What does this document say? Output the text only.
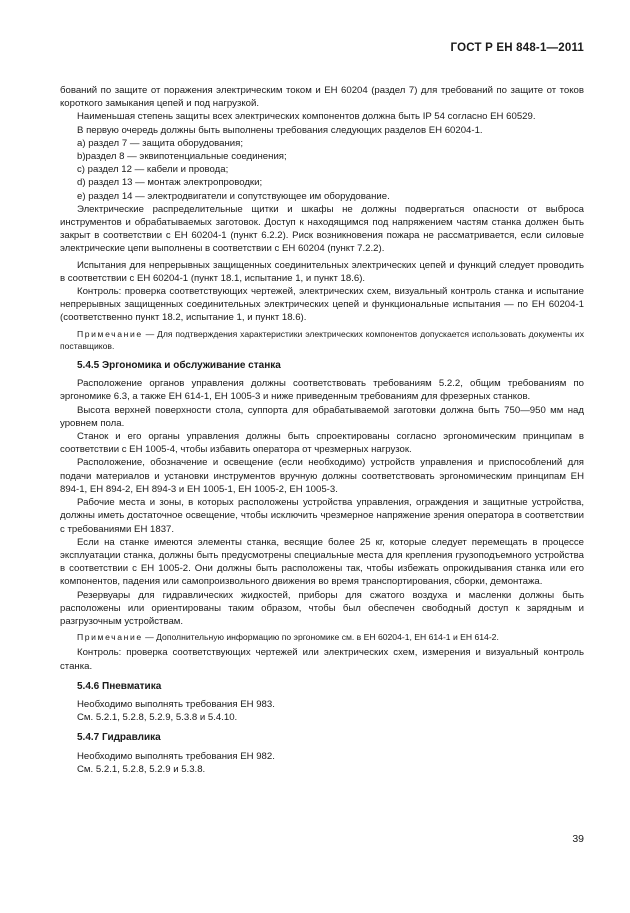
ГОСТ Р ЕН 848-1—2011

бований по защите от поражения электрическим током и ЕН 60204 (раздел 7) для требований по защите от токов короткого замыкания цепей и под нагрузкой.

Наименьшая степень защиты всех электрических компонентов должна быть IP 54 согласно ЕН 60529.

В первую очередь должны быть выполнены требования следующих разделов ЕН 60204-1.

а) раздел 7 — защита оборудования;

b)раздел 8 — эквипотенциальные соединения;

с) раздел 12 — кабели и провода;

d) раздел 13 — монтаж электропроводки;

е) раздел 14 — электродвигатели и сопутствующее им оборудование.

Электрические распределительные щитки и шкафы не должны подвергаться опасности от выброса инструментов и обрабатываемых заготовок. Доступ к находящимся под напряжением частям станка должен быть закрыт в соответствии с ЕН 60204-1 (пункт 6.2.2). Риск возникновения пожара не рассматривается, если силовые электрические цепи выполнены в соответствии с ЕН 60204 (пункт 7.2.2).

Испытания для непрерывных защищенных соединительных электрических цепей и функций следует проводить в соответствии с ЕН 60204-1 (пункт 18.1, испытание 1, и пункт 18.6).

Контроль: проверка соответствующих чертежей, электрических схем, визуальный контроль станка и испытание непрерывных защищенных соединительных электрических цепей и функциональные испытания — по ЕН 60204-1 (соответственно пункт 18.2, испытание 1, и пункт 18.6).

Примечание — Для подтверждения характеристики электрических компонентов допускается использовать документы их поставщиков.

5.4.5 Эргономика и обслуживание станка

Расположение органов управления должны соответствовать требованиям 5.2.2, общим требованиям по эргономике 6.3, а также ЕН 614-1, ЕН 1005-3 и ниже приведенным требованиям для фрезерных станков.

Высота верхней поверхности стола, суппорта для обрабатываемой заготовки должна быть 750—950 мм над уровнем пола.

Станок и его органы управления должны быть спроектированы согласно эргономическим принципам в соответствии с ЕН 1005-4, чтобы избавить оператора от чрезмерных нагрузок.

Расположение, обозначение и освещение (если необходимо) устройств управления и приспособлений для подачи материалов и установки инструментов вручную должны соответствовать эргономическим принципам ЕН 894-1, ЕН 894-2, ЕН 894-3 и ЕН 1005-1, ЕН 1005-2, ЕН 1005-3.

Рабочие места и зоны, в которых расположены устройства управления, ограждения и защитные устройства, должны иметь достаточное освещение, чтобы исключить чрезмерное напряжение зрения оператора в соответствии с требованиями ЕН 1837.

Если на станке имеются элементы станка, весящие более 25 кг, которые следует перемещать в процессе эксплуатации станка, должны быть предусмотрены специальные места для крепления грузоподъемного устройства в соответствии с ЕН 1005-2. Они должны быть расположены так, чтобы избежать опрокидывания станка или его компонентов, падения или самопроизвольного движения во время транспортирования, сборки, демонтажа.

Резервуары для гидравлических жидкостей, приборы для сжатого воздуха и масленки должны быть расположены или ориентированы таким образом, чтобы был обеспечен свободный доступ к зарядным и разгрузочным устройствам.

Примечание — Дополнительную информацию по эргономике см. в ЕН 60204-1, ЕН 614-1 и ЕН 614-2.

Контроль: проверка соответствующих чертежей или электрических схем, измерения и визуальный контроль станка.

5.4.6 Пневматика

Необходимо выполнять требования ЕН 983.

См. 5.2.1, 5.2.8, 5.2.9, 5.3.8 и 5.4.10.

5.4.7 Гидравлика

Необходимо выполнять требования ЕН 982.

См. 5.2.1, 5.2.8, 5.2.9 и 5.3.8.

39
